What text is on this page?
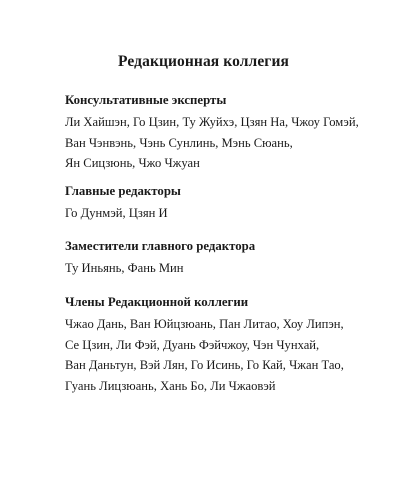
Редакционная коллегия
Консультативные эксперты
Ли Хайшэн, Го Цзин, Ту Жуйхэ, Цзян На, Чжоу Гомэй,
Ван Чэнвэнь, Чэнь Сунлинь, Мэнь Сюань,
Ян Сицзюнь, Чжо Чжуан
Главные редакторы
Го Дунмэй, Цзян И
Заместители главного редактора
Ту Иньянь, Фань Мин
Члены Редакционной коллегии
Чжао Дань, Ван Юйцзюань, Пан Литао, Хоу Липэн,
Се Цзин, Ли Фэй, Дуань Фэйчжоу, Чэн Чунхай,
Ван Даньтун, Вэй Лян, Го Исинь, Го Кай, Чжан Тао,
Гуань Лицзюань, Хань Бо, Ли Чжаовэй
